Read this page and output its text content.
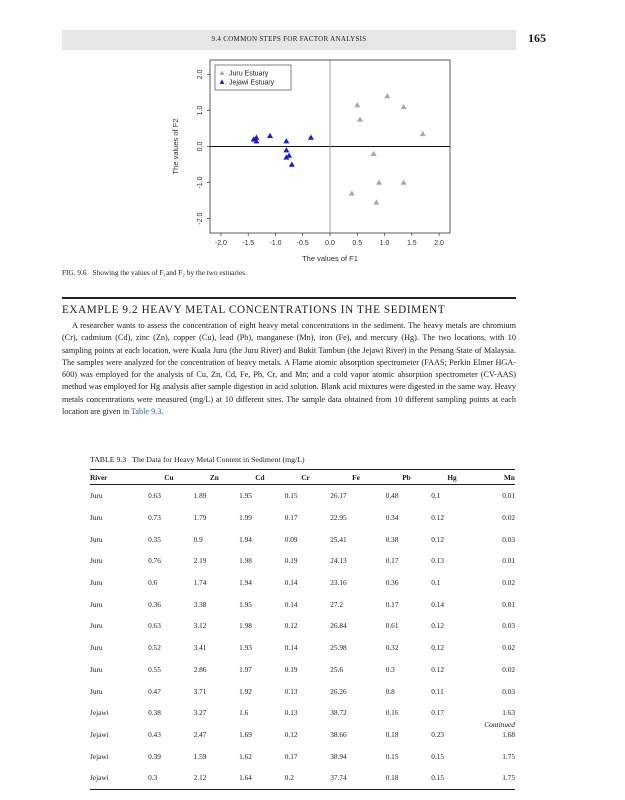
9.4 COMMON STEPS FOR FACTOR ANALYSIS	165
-2.0 -1.5 -1.0 -0.5 0.0	0.5	1.0	1.5	2.0
-2.0
-1.0
0.0
1.0
2.0
The values of F1
The values of F2
Juru Estuary
Jejawi Estuary
FIG. 9.6 Showing the values of F₁and F₂ by the two estuaries.
EXAMPLE 9.2 HEAVY METAL CONCENTRATIONS IN THE SEDIMENT

A researcher wants to assess the concentration of eight heavy metal concentrations in the sediment. The heavy metals are chromium (Cr), cadmium (Cd), zinc (Zn), copper (Cu), lead (Pb), manganese (Mn), iron (Fe), and mercury (Hg). The two locations, with 10 sampling points at each location, were Kuala Juru (the Juru River) and Bukit Tambun (the Jejawi River) in the Penang State of Malaysia. The samples were analyzed for the concentration of heavy metals. A Flame atomic absorption spectrometer (FAAS; Perkin Elmer HGA-600) was employed for the analysis of Cu, Zn, Cd, Fe, Pb, Cr, and Mn; and a cold vapor atomic absorption spectrometer (CV-AAS) method was employed for Hg analysis after sample digestion in acid solution. Blank acid mixtures were digested in the same way. Heavy metals concentrations were measured (mg/L) at 10 different sites. The sample data obtained from 10 different sampling points at each location are given in Table 9.3.

TABLE 9.3 The Data for Heavy Metal Content in Sediment (mg/L)
River	Cu	Zn	Cd	Cr	Fe	Pb	Hg	Mn
Juru	0.63	1.89	1.95	0.15	26.17	0.48	0.1	0.01
Juru	0.73	1.79	1.99	0.17	22.95	0.34	0.12	0.02
Juru	0.35	0.9	1.94	0.09	25.41	0.38	0.12	0.03
Juru	0.76	2.19	1.98	0.19	24.13	0.17	0.13	0.01
Juru	0.6	1.74	1.94	0.14	23.16	0.36	0.1	0.02
Juru	0.36	3.38	1.95	0.14	27.2	0.17	0.14	0.01
Juru	0.63	3.12	1.98	0.12	26.84	0.61	0.12	0.03
Juru	0.52	3.41	1.93	0.14	25.98	0.32	0.12	0.02
Juru	0.55	2.86	1.97	0.19	25.6	0.3	0.12	0.02
Juru	0.47	3.71	1.92	0.13	26.26	0.8	0.11	0.03
Jejawi	0.38	3.27	1.6	0.13	38.72	0.16	0.17	1.63
Jejawi	0.43	2.47	1.69	0.12	38.66	0.18	0.23	1.68
Jejawi	0.39	1.59	1.62	0.17	38.94	0.15	0.15	1.75
Jejawi	0.3	2.12	1.64	0.2	37.74	0.18	0.15	1.75
Continued
